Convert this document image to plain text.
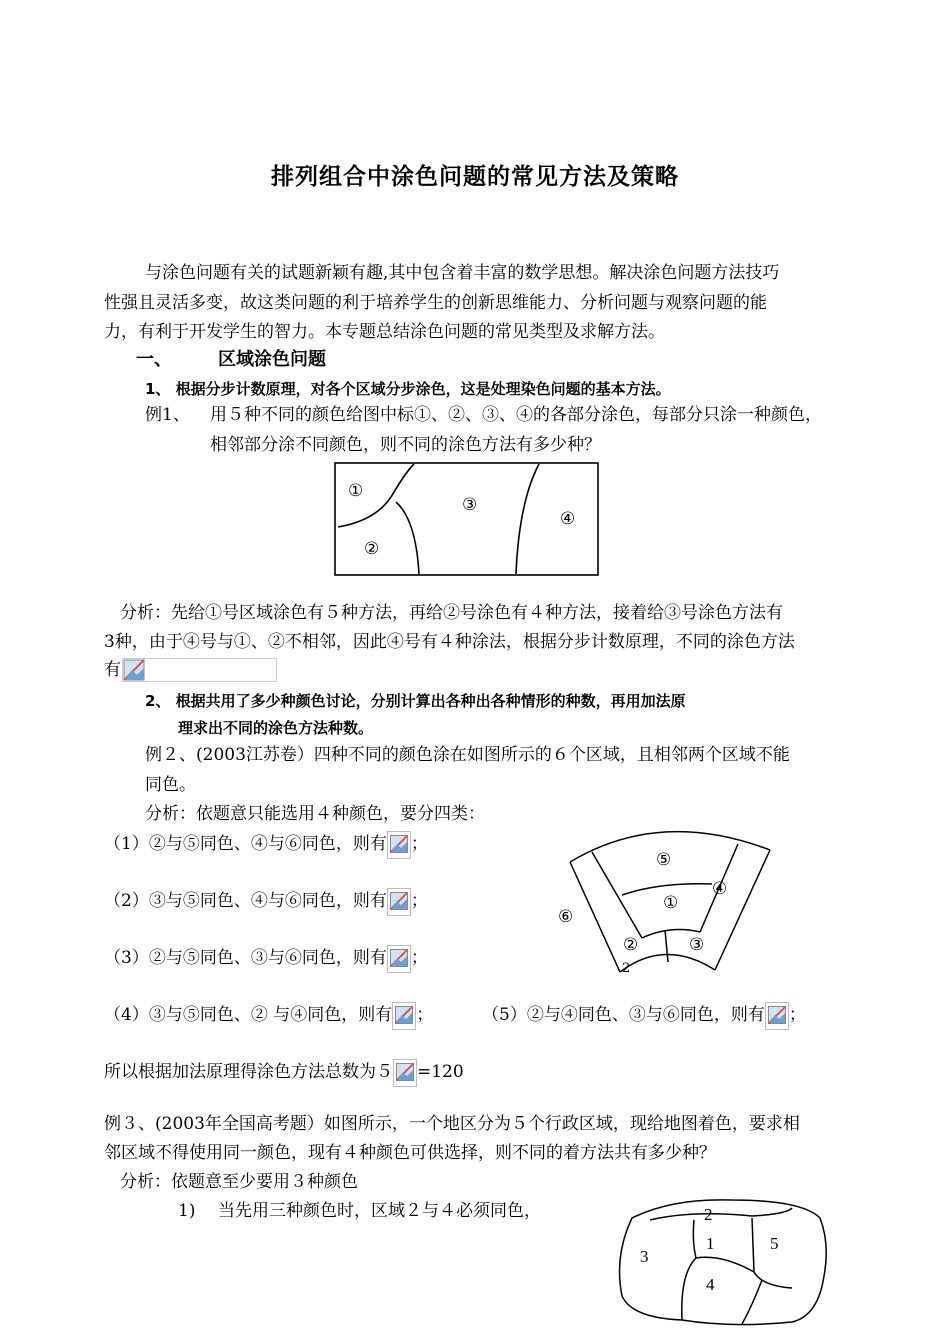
排列组合中涂色问题的常见方法及策略
与涂色问题有关的试题新颖有趣,其中包含着丰富的数学思想。解决涂色问题方法技巧
性强且灵活多变，故这类问题的利于培养学生的创新思维能力、分析问题与观察问题的能
力，有利于开发学生的智力。本专题总结涂色问题的常见类型及求解方法。
一、	区域涂色问题
1、 根据分步计数原理，对各个区域分步涂色，这是处理染色问题的基本方法。
例1、 用５种不同的颜色给图中标①、②、③、④的各部分涂色，每部分只涂一种颜色，
相邻部分涂不同颜色，则不同的涂色方法有多少种？
①
②
③
④
分析：先给①号区域涂色有５种方法，再给②号涂色有４种方法，接着给③号涂色方法有
3种，由于④号与①、②不相邻，因此④号有４种涂法，根据分步计数原理，不同的涂色方法
有
2、 根据共用了多少种颜色讨论，分别计算出各种出各种情形的种数，再用加法原
理求出不同的涂色方法种数。
例２、(2003江苏卷）四种不同的颜色涂在如图所示的６个区域，且相邻两个区域不能
同色。
分析：依题意只能选用４种颜色，要分四类：
（1）②与⑤同色、④与⑥同色，则有 ；
（2）③与⑤同色、④与⑥同色，则有 ；
（3）②与⑤同色、③与⑥同色，则有 ；
（4）③与⑤同色、② 与④同色，则有 ；	（5）②与④同色、③与⑥同色，则有 ；
所以根据加法原理得涂色方法总数为５ =120
⑤
④
①
⑥
②	③
2
例３、(2003年全国高考题）如图所示，一个地区分为５个行政区域，现给地图着色，要求相
邻区域不得使用同一颜色，现有４种颜色可供选择，则不同的着方法共有多少种？
分析：依题意至少要用３种颜色
1) 当先用三种颜色时，区域２与４必须同色，	2
1	5
3
4
